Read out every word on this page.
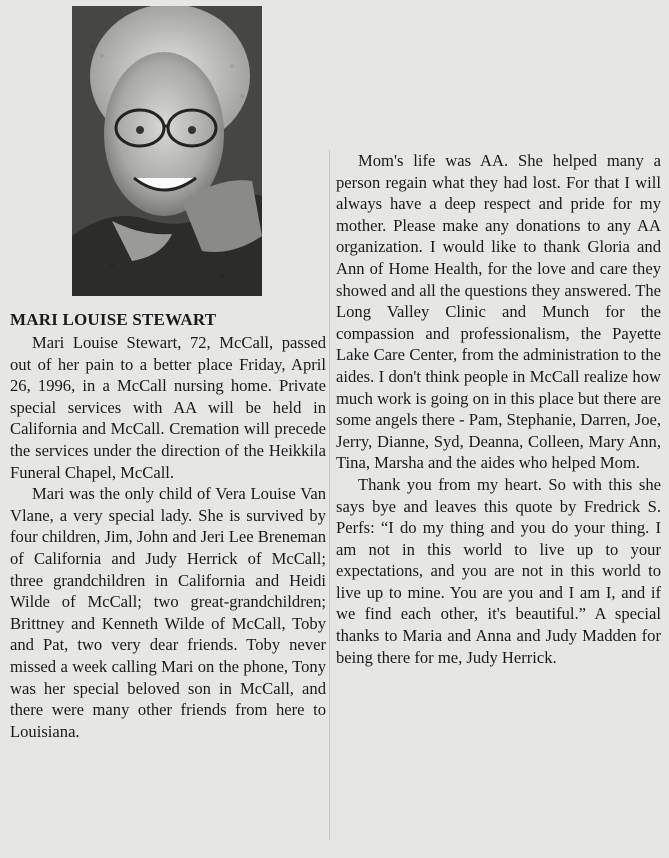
MARI LOUISE STEWART

Mari Louise Stewart, 72, McCall, passed out of her pain to a better place Friday, April 26, 1996, in a McCall nursing home. Private special services with AA will be held in California and McCall. Cremation will precede the services under the direction of the Heikkila Funeral Chapel, McCall.

Mari was the only child of Vera Louise Van Vlane, a very special lady. She is survived by four children, Jim, John and Jeri Lee Breneman of California and Judy Herrick of McCall; three grandchildren in California and Heidi Wilde of McCall; two great-grandchildren; Brittney and Kenneth Wilde of McCall, Toby and Pat, two very dear friends. Toby never missed a week calling Mari on the phone, Tony was her special beloved son in McCall, and there were many other friends from here to Louisiana.

Mom's life was AA. She helped many a person regain what they had lost. For that I will always have a deep respect and pride for my mother. Please make any donations to any AA organization. I would like to thank Gloria and Ann of Home Health, for the love and care they showed and all the questions they answered. The Long Valley Clinic and Munch for the compassion and professionalism, the Payette Lake Care Center, from the administration to the aides. I don't think people in McCall realize how much work is going on in this place but there are some angels there - Pam, Stephanie, Darren, Joe, Jerry, Dianne, Syd, Deanna, Colleen, Mary Ann, Tina, Marsha and the aides who helped Mom.

Thank you from my heart. So with this she says bye and leaves this quote by Fredrick S. Perfs: “I do my thing and you do your thing. I am not in this world to live up to your expectations, and you are not in this world to live up to mine. You are you and I am I, and if we find each other, it's beautiful.” A special thanks to Maria and Anna and Judy Madden for being there for me, Judy Herrick.
